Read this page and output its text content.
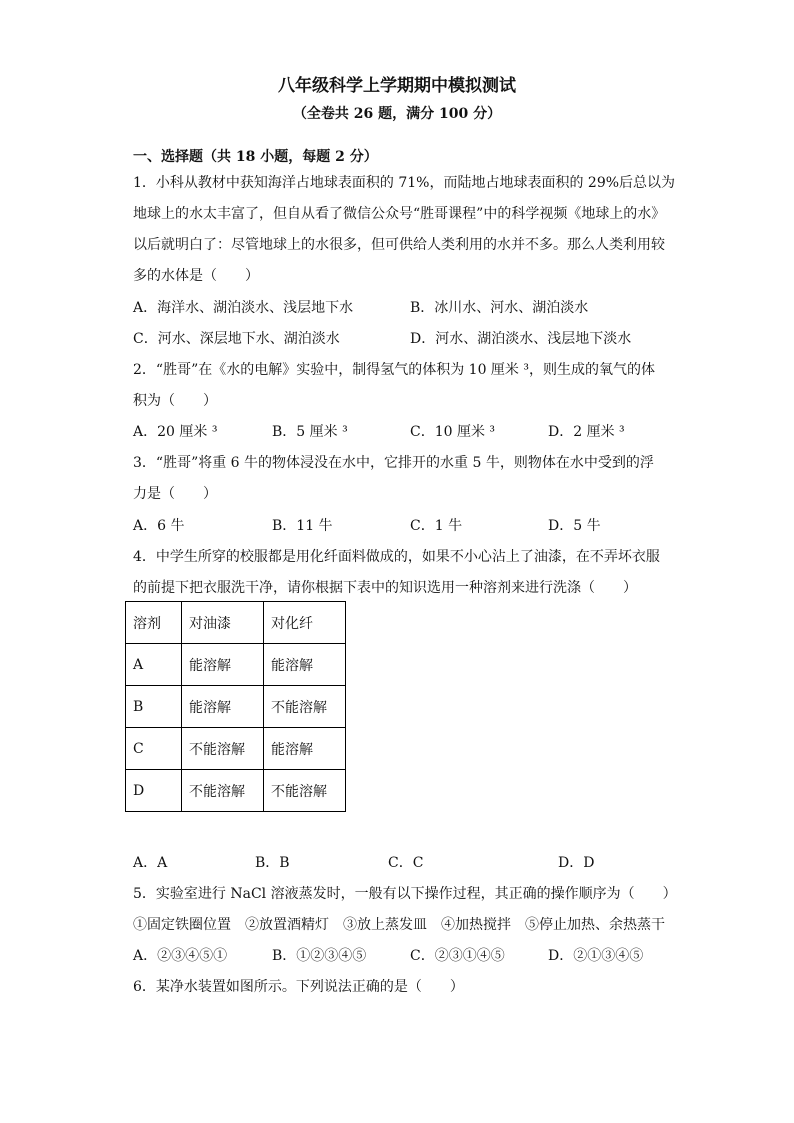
八年级科学上学期期中模拟测试
（全卷共 26 题，满分 100 分）
一、选择题（共 18 小题，每题 2 分）
1．小科从教材中获知海洋占地球表面积的 71%，而陆地占地球表面积的 29%后总以为
地球上的水太丰富了，但自从看了微信公众号“胜哥课程”中的科学视频《地球上的水》
以后就明白了：尽管地球上的水很多，但可供给人类利用的水并不多。那么人类利用较
多的水体是（　　）
A．海洋水、湖泊淡水、浅层地下水	B．冰川水、河水、湖泊淡水
C．河水、深层地下水、湖泊淡水	D．河水、湖泊淡水、浅层地下淡水
2．“胜哥”在《水的电解》实验中，制得氢气的体积为 10 厘米 ³，则生成的氧气的体
积为（　　）
A．20 厘米 ³	B．5 厘米 ³	C．10 厘米 ³	D．2 厘米 ³
3．“胜哥”将重 6 牛的物体浸没在水中，它排开的水重 5 牛，则物体在水中受到的浮
力是（　　）
A．6 牛	B．11 牛	C．1 牛	D．5 牛
4．中学生所穿的校服都是用化纤面料做成的，如果不小心沾上了油漆，在不弄坏衣服
的前提下把衣服洗干净，请你根据下表中的知识选用一种溶剂来进行洗涤（　　）
溶剂	对油漆	对化纤
A	能溶解	能溶解
B	能溶解	不能溶解
C	不能溶解	能溶解
D	不能溶解	不能溶解
A．A	B．B	C．C	D．D
5．实验室进行 NaCl 溶液蒸发时，一般有以下操作过程，其正确的操作顺序为（　　）
①固定铁圈位置　②放置酒精灯　③放上蒸发皿　④加热搅拌　⑤停止加热、余热蒸干
A．②③④⑤①	B．①②③④⑤	C．②③①④⑤	D．②①③④⑤
6．某净水装置如图所示。下列说法正确的是（　　）
